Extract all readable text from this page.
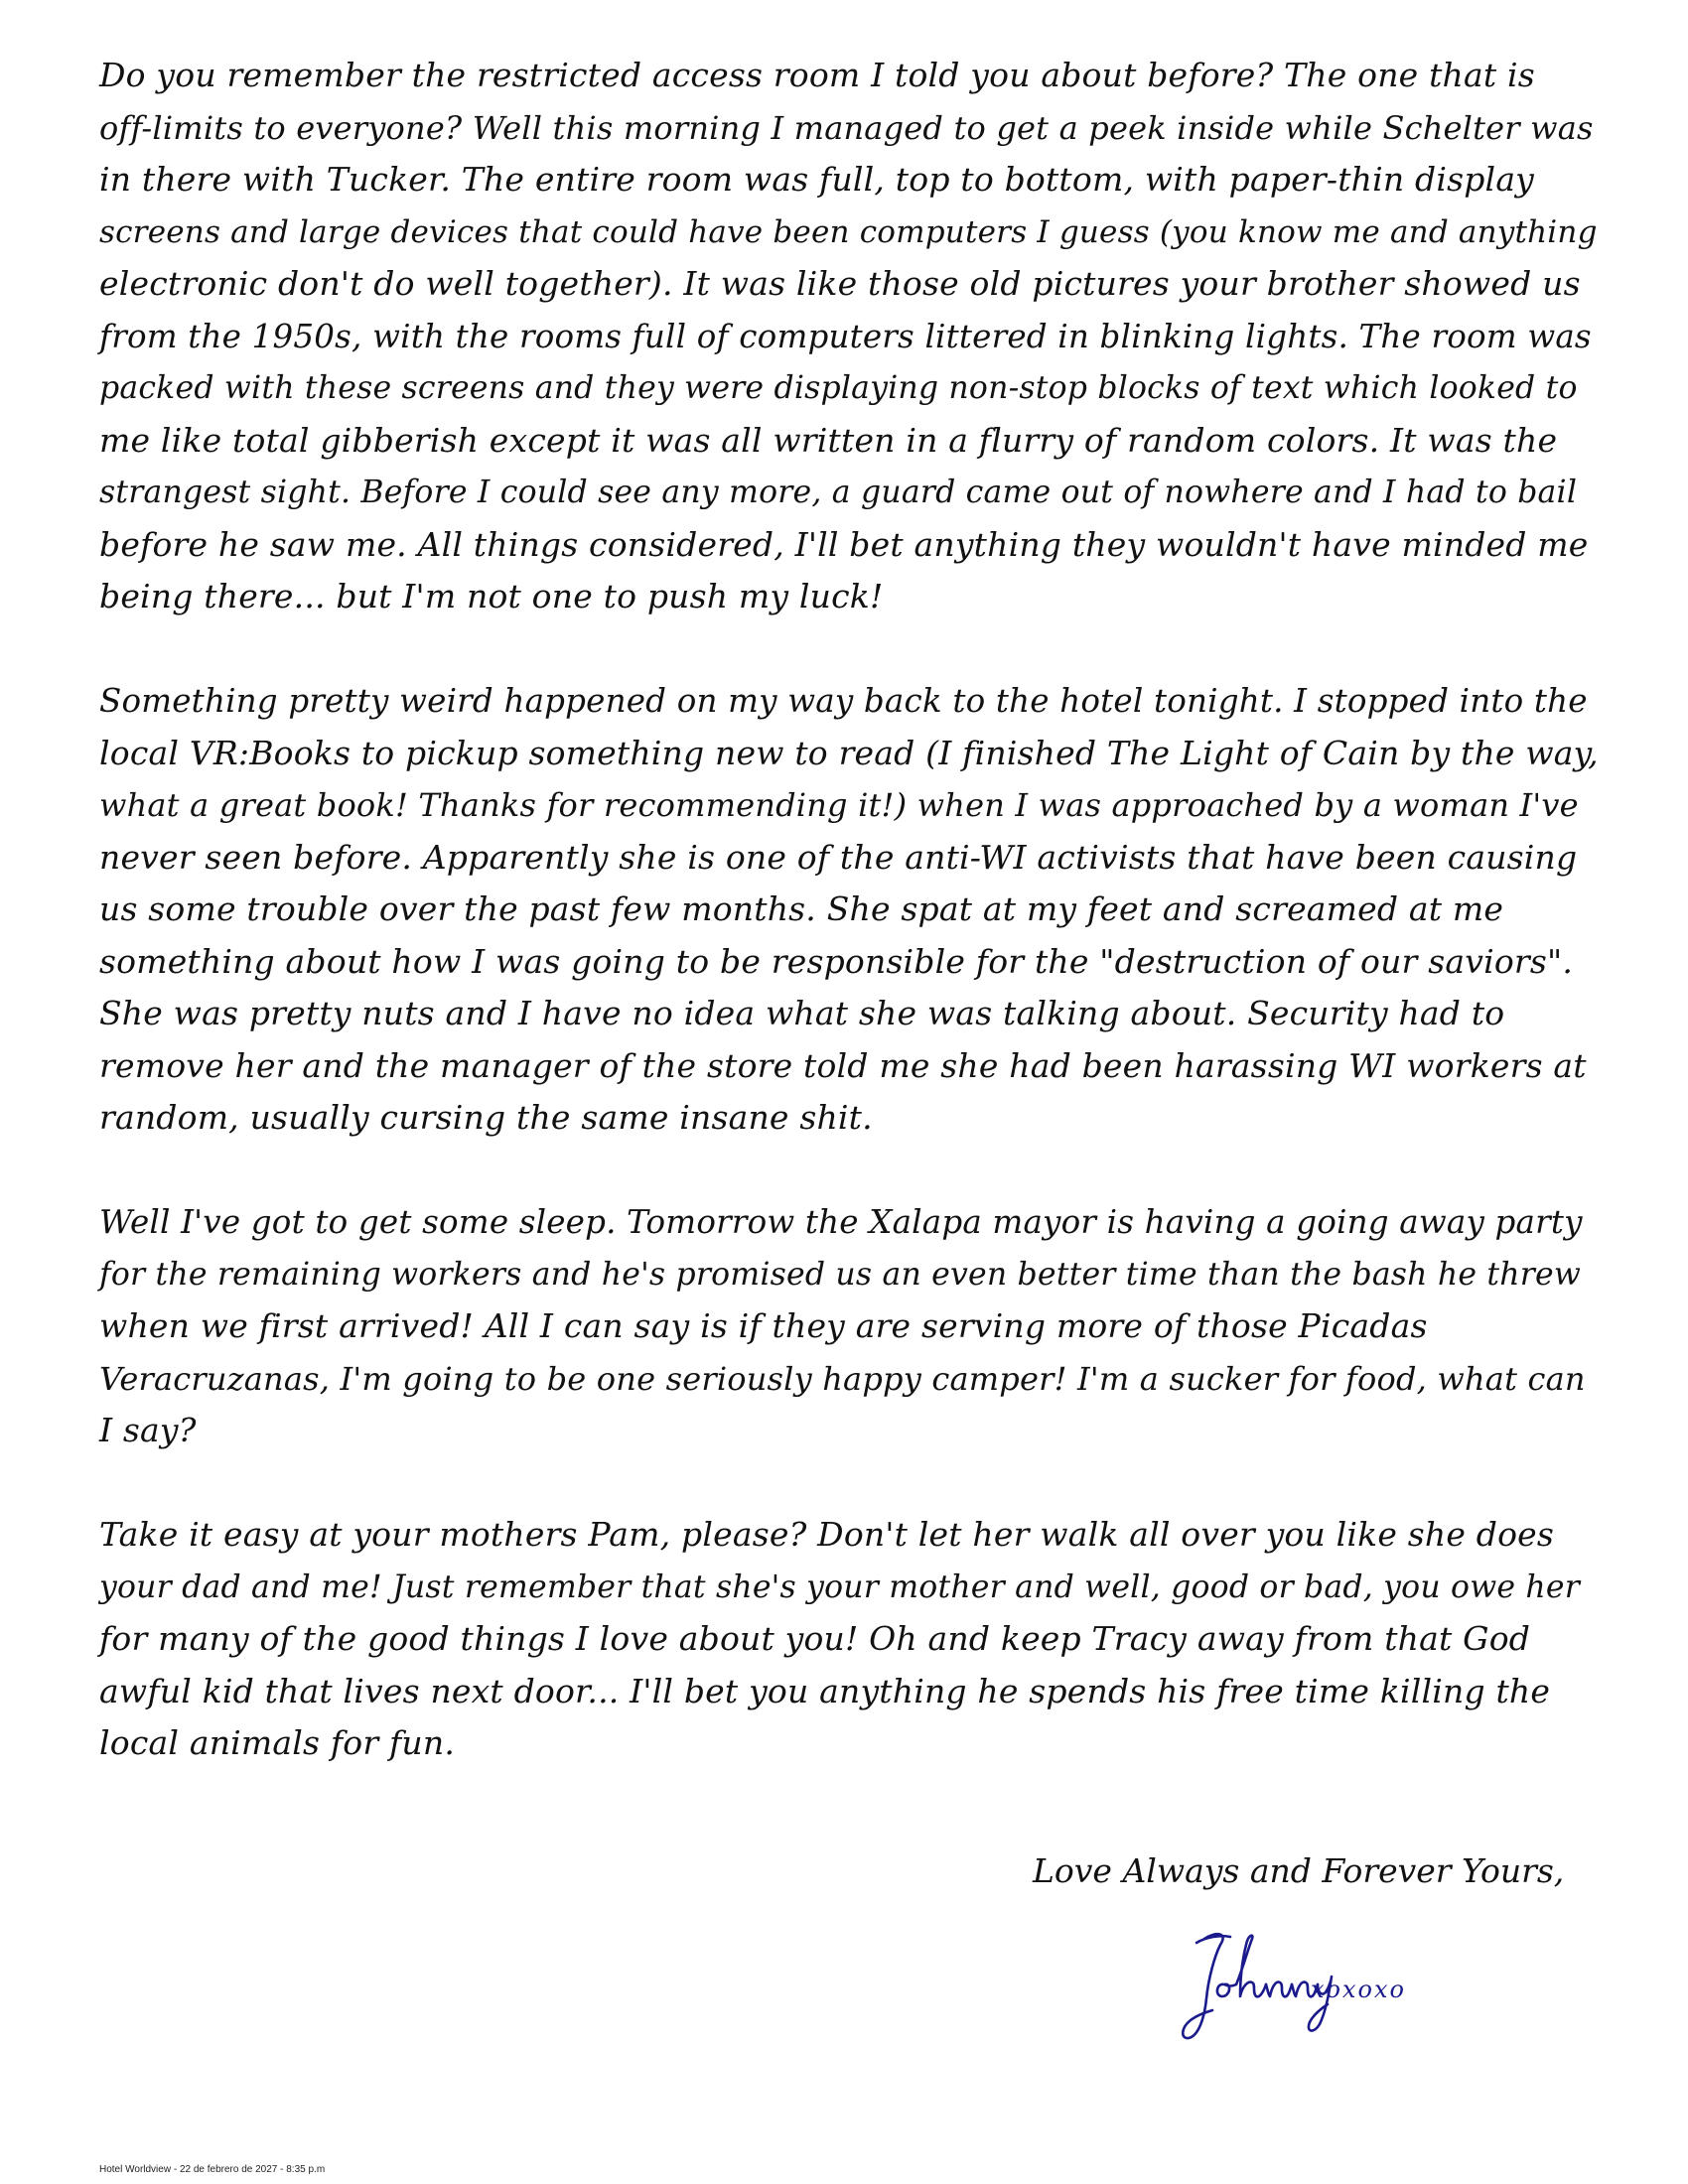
Do you remember the restricted access room I told you about before? The one that is
off-limits to everyone? Well this morning I managed to get a peek inside while Schelter was
in there with Tucker. The entire room was full, top to bottom, with paper-thin display
screens and large devices that could have been computers I guess (you know me and anything
electronic don't do well together). It was like those old pictures your brother showed us
from the 1950s, with the rooms full of computers littered in blinking lights. The room was
packed with these screens and they were displaying non-stop blocks of text which looked to
me like total gibberish except it was all written in a flurry of random colors. It was the
strangest sight. Before I could see any more, a guard came out of nowhere and I had to bail
before he saw me. All things considered, I'll bet anything they wouldn't have minded me
being there... but I'm not one to push my luck!
Something pretty weird happened on my way back to the hotel tonight. I stopped into the
local VR:Books to pickup something new to read (I finished The Light of Cain by the way,
what a great book! Thanks for recommending it!) when I was approached by a woman I've
never seen before. Apparently she is one of the anti-WI activists that have been causing
us some trouble over the past few months. She spat at my feet and screamed at me
something about how I was going to be responsible for the "destruction of our saviors".
She was pretty nuts and I have no idea what she was talking about. Security had to
remove her and the manager of the store told me she had been harassing WI workers at
random, usually cursing the same insane shit.
Well I've got to get some sleep. Tomorrow the Xalapa mayor is having a going away party
for the remaining workers and he's promised us an even better time than the bash he threw
when we first arrived! All I can say is if they are serving more of those Picadas
Veracruzanas, I'm going to be one seriously happy camper! I'm a sucker for food, what can
I say?
Take it easy at your mothers Pam, please? Don't let her walk all over you like she does
your dad and me! Just remember that she's your mother and well, good or bad, you owe her
for many of the good things I love about you! Oh and keep Tracy away from that God
awful kid that lives next door... I'll bet you anything he spends his free time killing the
local animals for fun.
Love Always and Forever Yours,
xoxoxo
Hotel Worldview - 22 de febrero de 2027 - 8:35 p.m
